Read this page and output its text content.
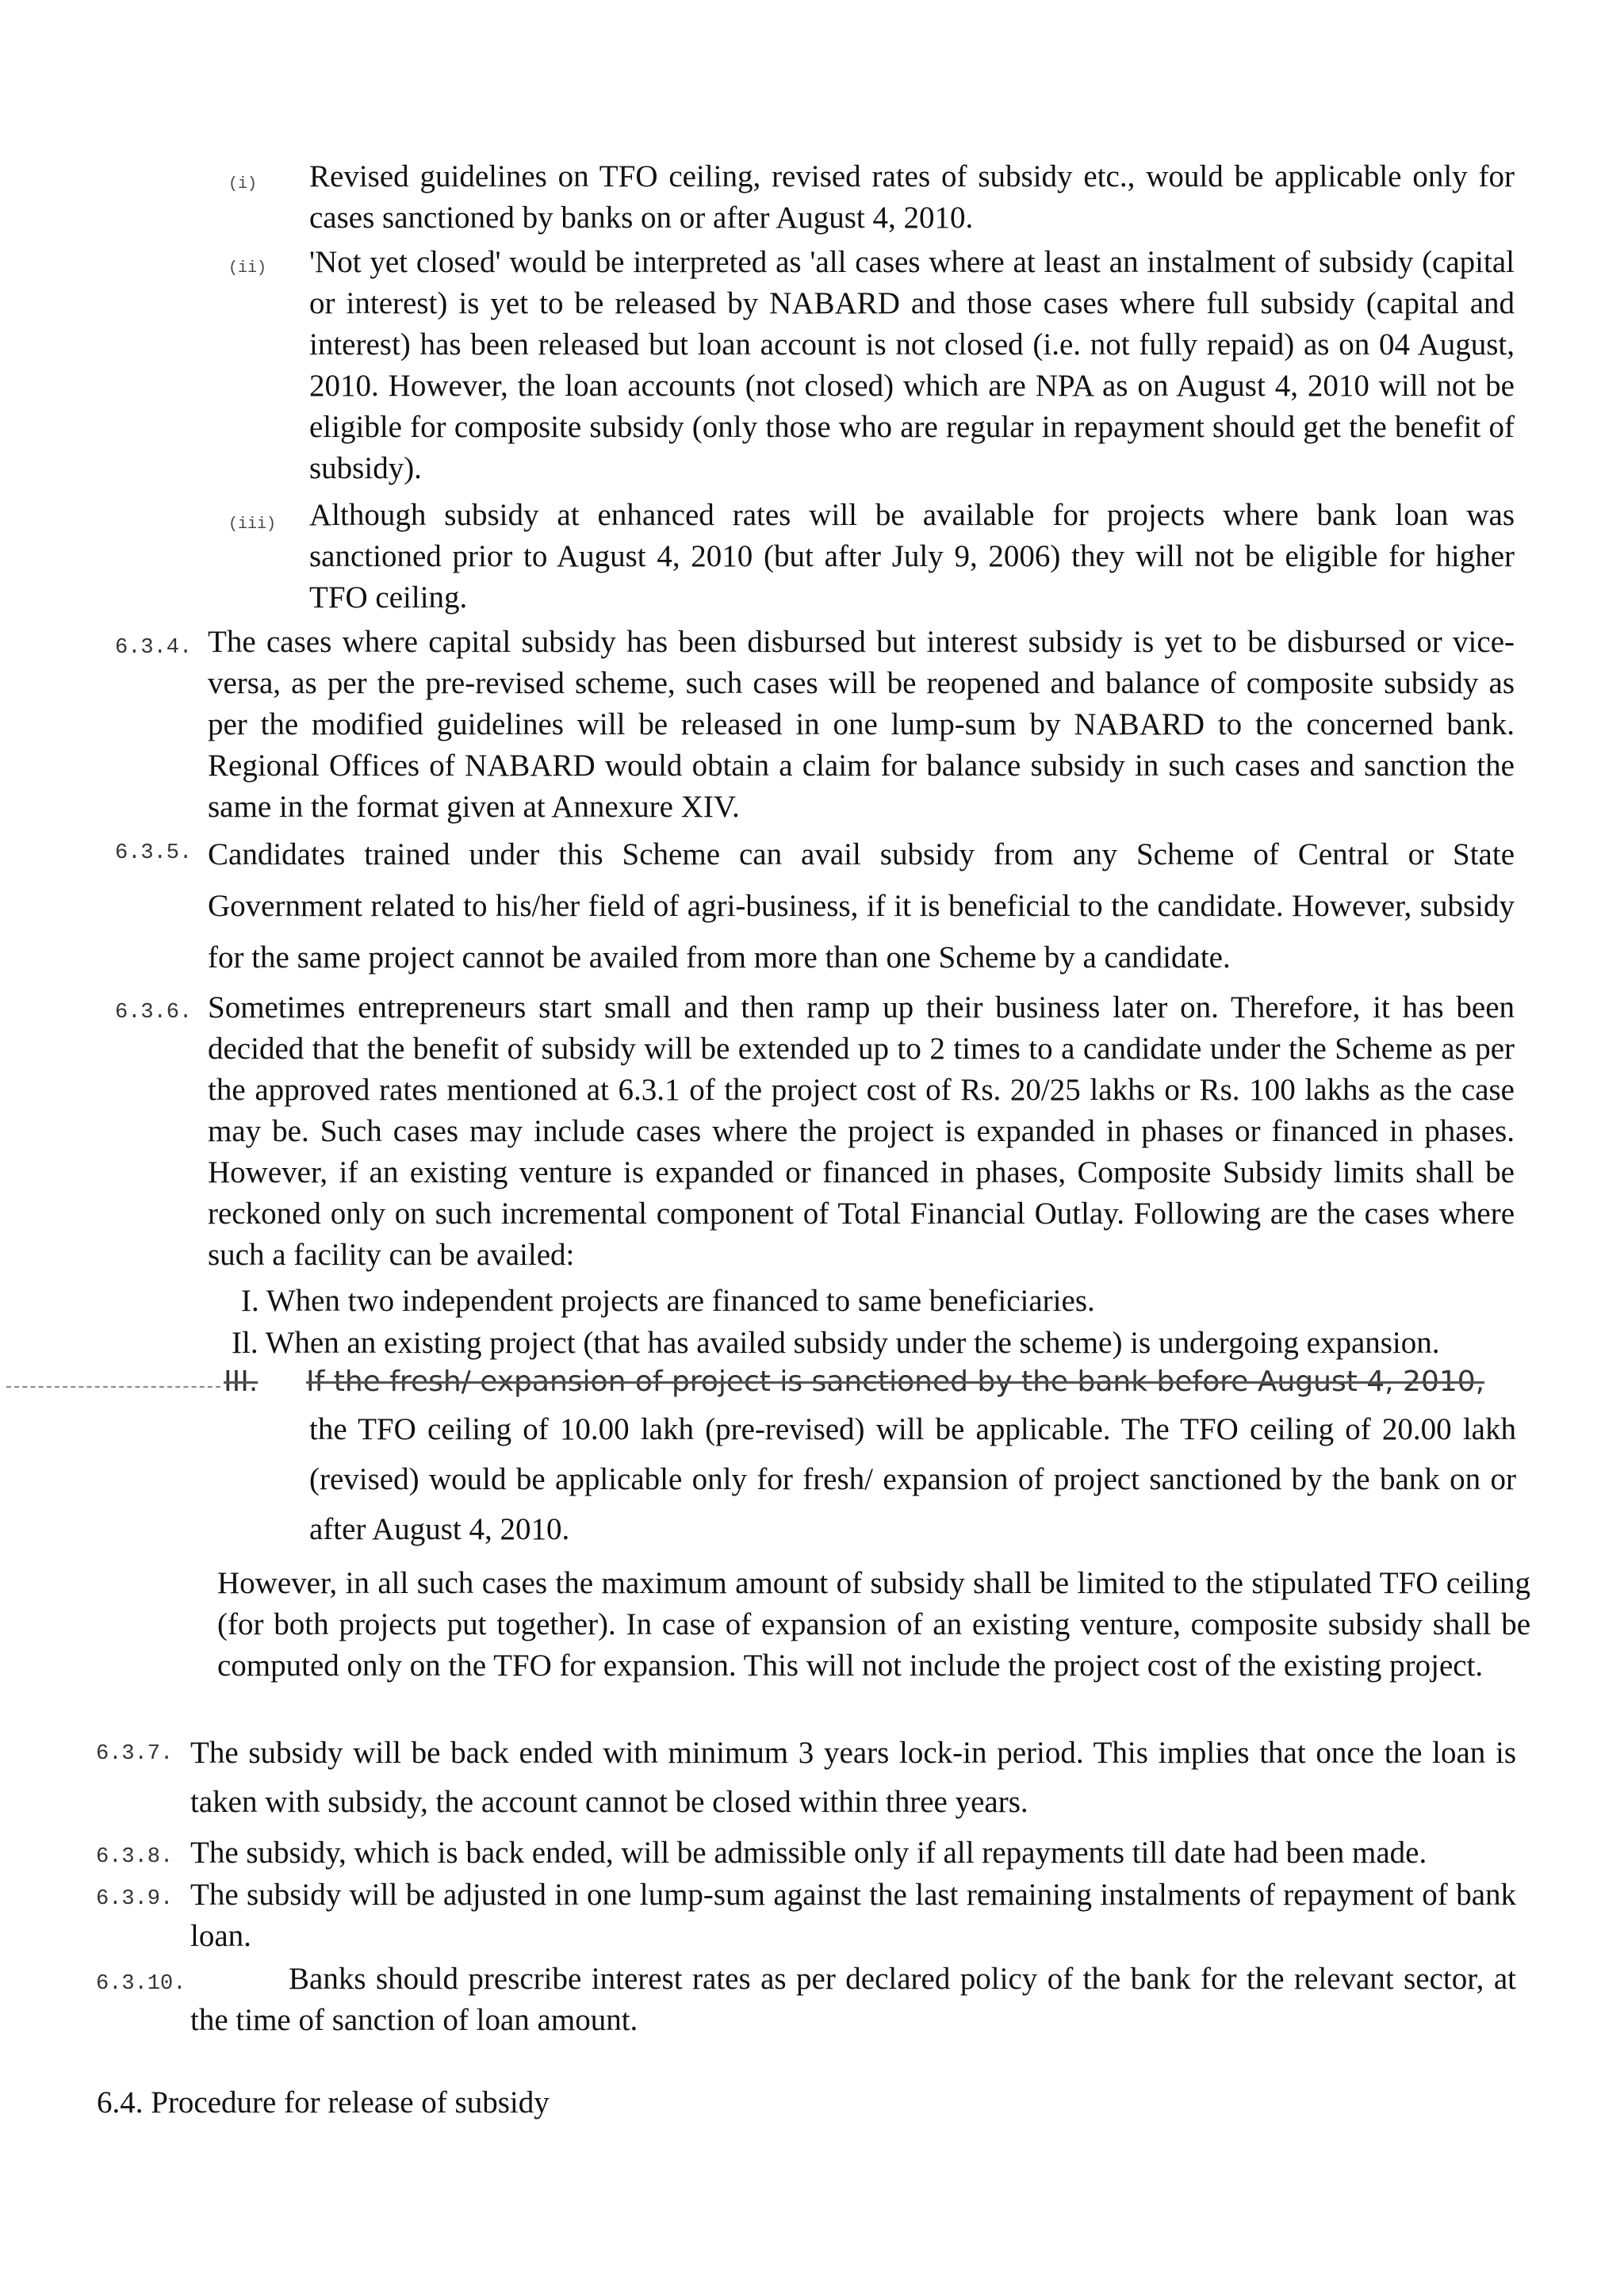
(i) Revised guidelines on TFO ceiling, revised rates of subsidy etc., would be applicable only for cases sanctioned by banks on or after August 4, 2010.
(ii) 'Not yet closed' would be interpreted as 'all cases where at least an instalment of subsidy (capital or interest) is yet to be released by NABARD and those cases where full subsidy (capital and interest) has been released but loan account is not closed (i.e. not fully repaid) as on 04 August, 2010. However, the loan accounts (not closed) which are NPA as on August 4, 2010 will not be eligible for composite subsidy (only those who are regular in repayment should get the benefit of subsidy).
(iii) Although subsidy at enhanced rates will be available for projects where bank loan was sanctioned prior to August 4, 2010 (but after July 9, 2006) they will not be eligible for higher TFO ceiling.
6.3.4. The cases where capital subsidy has been disbursed but interest subsidy is yet to be disbursed or vice-versa, as per the pre-revised scheme, such cases will be reopened and balance of composite subsidy as per the modified guidelines will be released in one lump-sum by NABARD to the concerned bank. Regional Offices of NABARD would obtain a claim for balance subsidy in such cases and sanction the same in the format given at Annexure XIV.
6.3.5. Candidates trained under this Scheme can avail subsidy from any Scheme of Central or State Government related to his/her field of agri-business, if it is beneficial to the candidate. However, subsidy for the same project cannot be availed from more than one Scheme by a candidate.
6.3.6. Sometimes entrepreneurs start small and then ramp up their business later on. Therefore, it has been decided that the benefit of subsidy will be extended up to 2 times to a candidate under the Scheme as per the approved rates mentioned at 6.3.1 of the project cost of Rs. 20/25 lakhs or Rs. 100 lakhs as the case may be. Such cases may include cases where the project is expanded in phases or financed in phases. However, if an existing venture is expanded or financed in phases, Composite Subsidy limits shall be reckoned only on such incremental component of Total Financial Outlay. Following are the cases where such a facility can be availed:
I. When two independent projects are financed to same beneficiaries.
Il. When an existing project (that has availed subsidy under the scheme) is undergoing expansion.
III. If the fresh/ expansion of project is sanctioned by the bank before August 4, 2010,
the TFO ceiling of 10.00 lakh (pre-revised) will be applicable. The TFO ceiling of 20.00 lakh (revised) would be applicable only for fresh/ expansion of project sanctioned by the bank on or after August 4, 2010.
However, in all such cases the maximum amount of subsidy shall be limited to the stipulated TFO ceiling (for both projects put together). In case of expansion of an existing venture, composite subsidy shall be computed only on the TFO for expansion. This will not include the project cost of the existing project.
6.3.7. The subsidy will be back ended with minimum 3 years lock-in period. This implies that once the loan is taken with subsidy, the account cannot be closed within three years.
6.3.8. The subsidy, which is back ended, will be admissible only if all repayments till date had been made.
6.3.9. The subsidy will be adjusted in one lump-sum against the last remaining instalments of repayment of bank loan.
6.3.10.	Banks should prescribe interest rates as per declared policy of the bank for the relevant sector, at the time of sanction of loan amount.
6.4. Procedure for release of subsidy
